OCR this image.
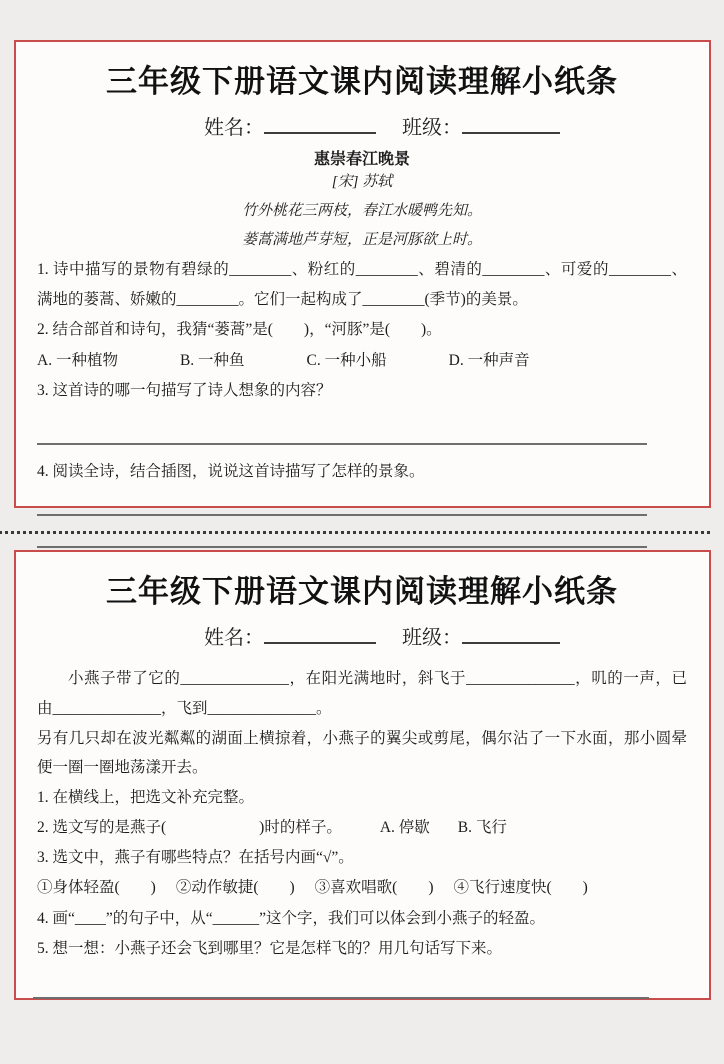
三年级下册语文课内阅读理解小纸条
姓名：	班级：
惠崇春江晚景
[宋] 苏轼
竹外桃花三两枝，春江水暖鸭先知。
蒌蒿满地芦芽短，正是河豚欲上时。

1. 诗中描写的景物有碧绿的________、粉红的________、碧清的________、可爱的________、满地的蒌蒿、娇嫩的________。它们一起构成了________(季节)的美景。

2. 结合部首和诗句，我猜“蒌蒿”是(　　)，“河豚”是(　　)。

A. 一种植物	B. 一种鱼	C. 一种小船	D. 一种声音

3. 这首诗的哪一句描写了诗人想象的内容？

4. 阅读全诗，结合插图，说说这首诗描写了怎样的景象。

三年级下册语文课内阅读理解小纸条
姓名：	班级：

小燕子带了它的______________，在阳光满地时，斜飞于______________，叽的一声，已由______________，飞到______________。

另有几只却在波光粼粼的湖面上横掠着，小燕子的翼尖或剪尾，偶尔沾了一下水面，那小圆晕便一圈一圈地荡漾开去。

1. 在横线上，把选文补充完整。

2. 选文写的是燕子(　　　　　　)时的样子。 A. 停歇 B. 飞行

3. 选文中，燕子有哪些特点？在括号内画“√”。

①身体轻盈(　　) ②动作敏捷(　　) ③喜欢唱歌(　　) ④飞行速度快(　　)

4. 画“____”的句子中，从“______”这个字，我们可以体会到小燕子的轻盈。

5. 想一想：小燕子还会飞到哪里？它是怎样飞的？用几句话写下来。
